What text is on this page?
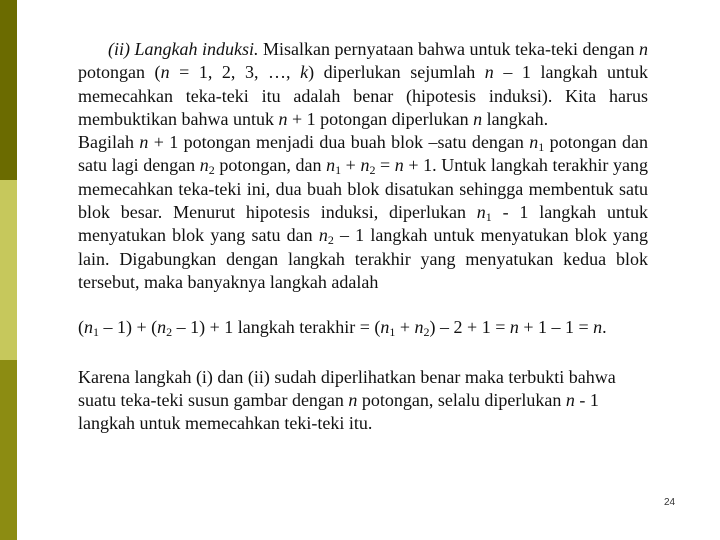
(ii) Langkah induksi. Misalkan pernyataan bahwa untuk teka-teki dengan n potongan (n = 1, 2, 3, …, k) diperlukan sejumlah n – 1 langkah untuk memecahkan teka-teki itu adalah benar (hipotesis induksi). Kita harus membuktikan bahwa untuk n + 1 potongan diperlukan n langkah.

Bagilah n + 1 potongan menjadi dua buah blok –satu dengan $n_1$ potongan dan satu lagi dengan $n_2$ potongan, dan $n_1 + n_2 = n + 1$. Untuk langkah terakhir yang memecahkan teka-teki ini, dua buah blok disatukan sehingga membentuk satu blok besar. Menurut hipotesis induksi, diperlukan $n_1 - 1$ langkah untuk menyatukan blok yang satu dan $n_2 - 1$ langkah untuk menyatukan blok yang lain. Digabungkan dengan langkah terakhir yang menyatukan kedua blok tersebut, maka banyaknya langkah adalah

$(n_1 - 1) + (n_2 - 1) + 1$ langkah terakhir = $(n_1 + n_2) - 2 + 1 = n + 1 - 1 = n$.

Karena langkah (i) dan (ii) sudah diperlihatkan benar maka terbukti bahwa suatu teka-teki susun gambar dengan n potongan, selalu diperlukan n - 1 langkah untuk memecahkan teki-teki itu.

24
